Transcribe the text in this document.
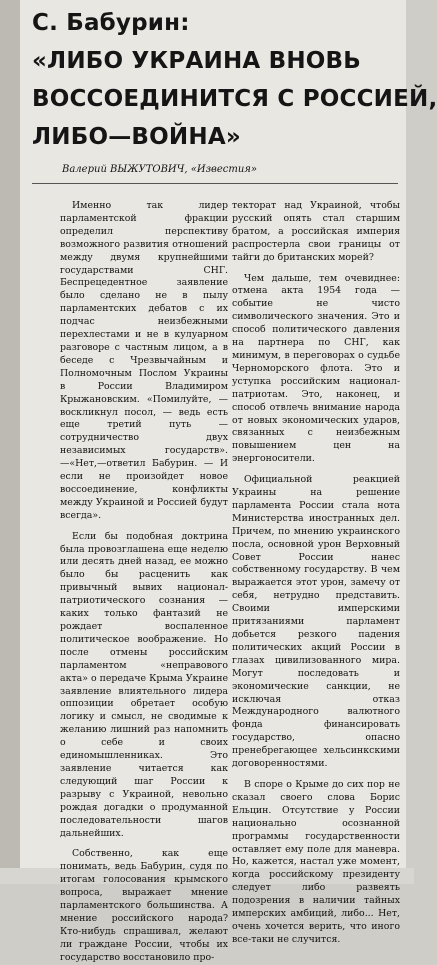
С. Бабурин:
«ЛИБО УКРАИНА ВНОВЬ
ВОССОЕДИНИТСЯ С РОССИЕЙ,
ЛИБО—ВОЙНА»
Валерий ВЫЖУТОВИЧ, «Известия»

Именно так лидер парламентской фракции определил перспективу возможного развития отношений между двумя крупнейшими государствами СНГ. Беспрецедентное заявление было сделано не в пылу парламентских дебатов с их подчас неизбежными перехлестами и не в кулуарном разговоре с частным лицом, а в беседе с Чрезвычайным и Полномочным Послом Украины в России Владимиром Крыжановским. «Помилуйте, — воскликнул посол, — ведь есть еще третий путь — сотрудничество двух независимых государств».—«Нет,—ответил Бабурин. — И если не произойдет новое воссоединение, конфликты между Украиной и Россией будут всегда».

Если бы подобная доктрина была провозглашена еще неделю или десять дней назад, ее можно было бы расценить как привычный вывих национал-патриотического сознания — каких только фантазий не рождает воспаленное политическое воображение. Но после отмены российским парламентом «неправового акта» о передаче Крыма Украине заявление влиятельного лидера оппозиции обретает особую логику и смысл, не сводимые к желанию лишний раз напомнить о себе и своих единомышленниках. Это заявление читается как следующий шаг России к разрыву с Украиной, невольно рождая догадки о продуманной последовательности шагов дальнейших.

Собственно, как еще понимать, ведь Бабурин, судя по итогам голосования крымского вопроса, выражает мнение парламентского большинства. А мнение российского народа? Кто-нибудь спрашивал, желают ли граждане России, чтобы их государство восстановило про-

текторат над Украиной, чтобы русский опять стал старшим братом, а российская империя распростерла свои границы от тайги до британских морей?

Чем дальше, тем очевиднее: отмена акта 1954 года — событие не чисто символического значения. Это и способ политического давления на партнера по СНГ, как минимум, в переговорах о судьбе Черноморского флота. Это и уступка российским национал-патриотам. Это, наконец, и способ отвлечь внимание народа от новых экономических ударов, связанных с неизбежным повышением цен на энергоносители.

Официальной реакцией Украины на решение парламента России стала нота Министерства иностранных дел. Причем, по мнению украинского посла, основной урон Верховный Совет России нанес собственному государству. В чем выражается этот урон, замечу от себя, нетрудно представить. Своими имперскими притязаниями парламент добьется резкого падения политических акций России в глазах цивилизованного мира. Могут последовать и экономические санкции, не исключая отказ Международного валютного фонда финансировать государство, опасно пренебрегающее хельсинкскими договоренностями.

В споре о Крыме до сих пор не сказал своего слова Борис Ельцин. Отсутствие у России национально осознанной программы государственности оставляет ему поле для маневра. Но, кажется, настал уже момент, когда российскому президенту следует либо развеять подозрения в наличии тайных имперских амбиций, либо... Нет, очень хочется верить, что иного все-таки не случится.
